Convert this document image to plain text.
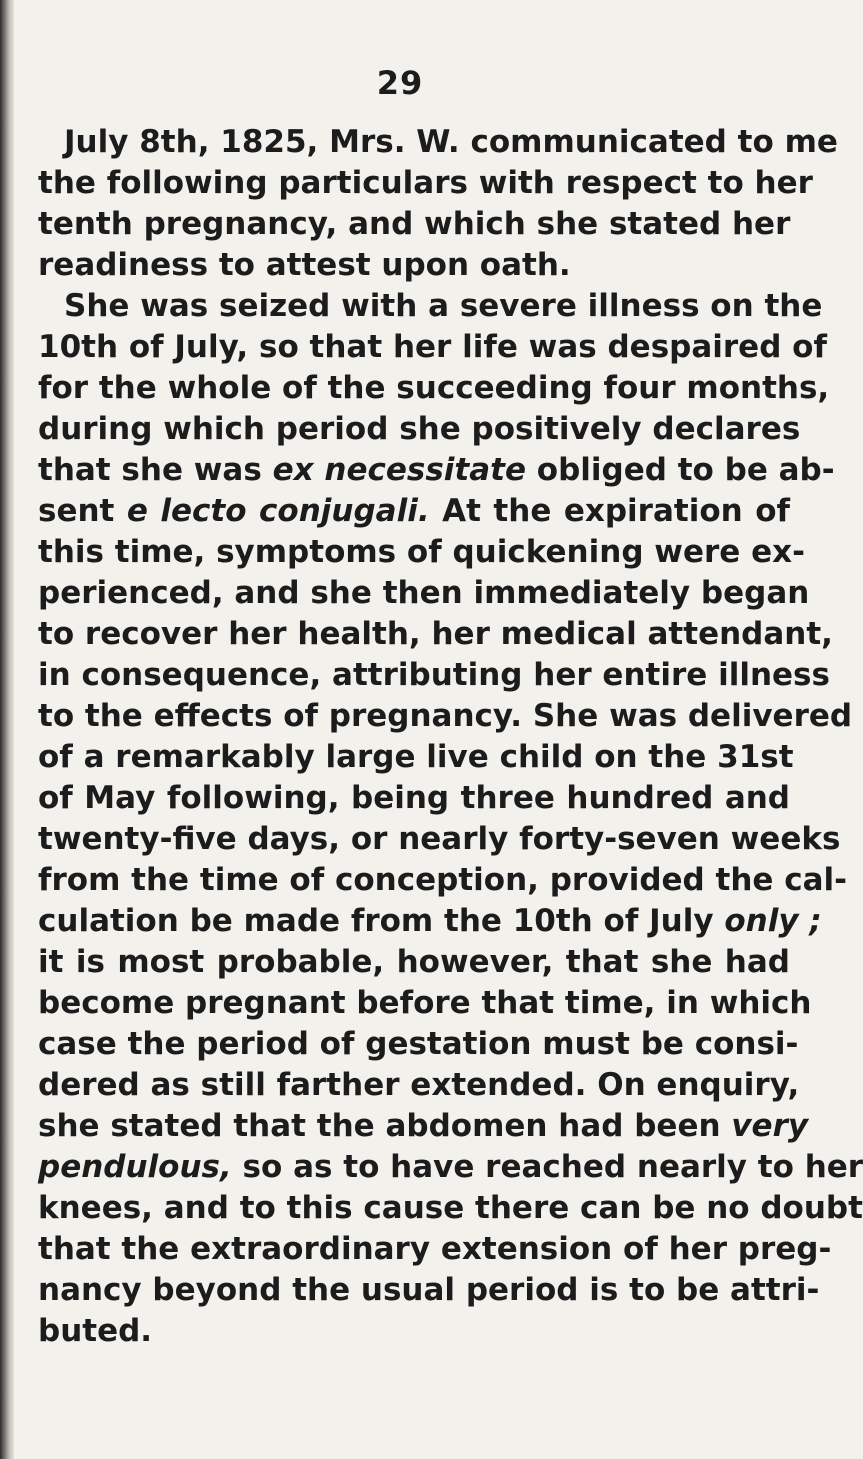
29
July 8th, 1825, Mrs. W. communicated to me
the following particulars with respect to her
tenth pregnancy, and which she stated her
readiness to attest upon oath.
She was seized with a severe illness on the
10th of July, so that her life was despaired of
for the whole of the succeeding four months,
during which period she positively declares
that she was ex necessitate obliged to be ab-
sent e lecto conjugali. At the expiration of
this time, symptoms of quickening were ex-
perienced, and she then immediately began
to recover her health, her medical attendant,
in consequence, attributing her entire illness
to the effects of pregnancy. She was delivered
of a remarkably large live child on the 31st
of May following, being three hundred and
twenty-five days, or nearly forty-seven weeks
from the time of conception, provided the cal-
culation be made from the 10th of July only ;
it is most probable, however, that she had
become pregnant before that time, in which
case the period of gestation must be consi-
dered as still farther extended. On enquiry,
she stated that the abdomen had been very
pendulous, so as to have reached nearly to her
knees, and to this cause there can be no doubt
that the extraordinary extension of her preg-
nancy beyond the usual period is to be attri-
buted.
